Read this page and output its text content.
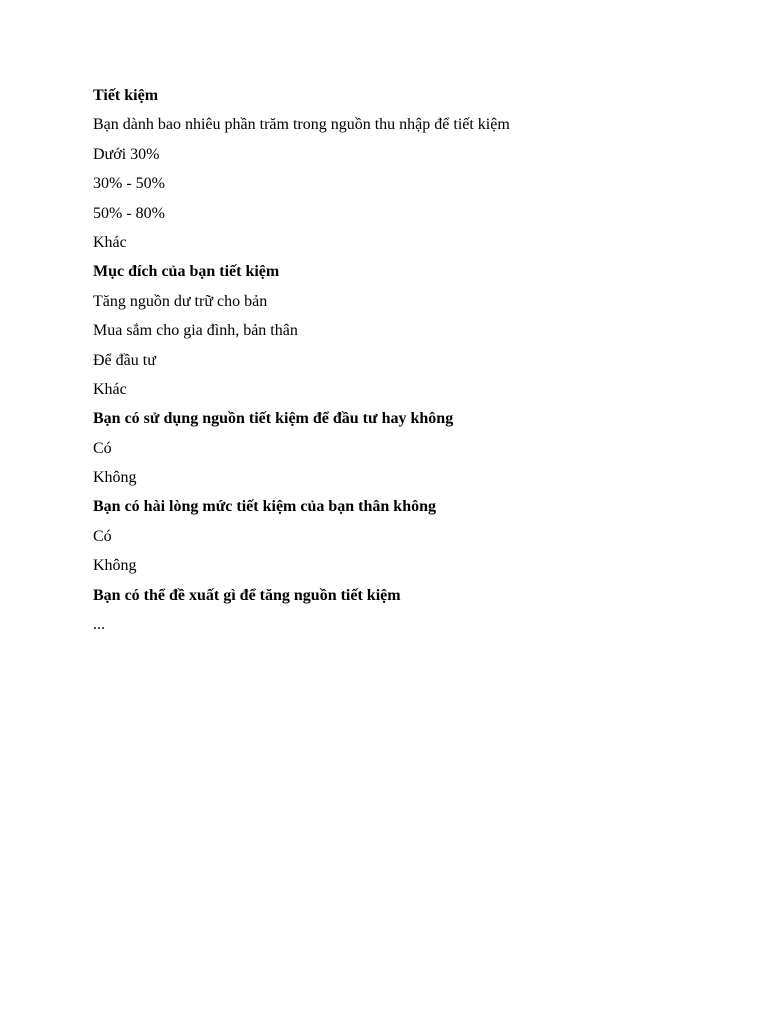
Tiết kiệm
Bạn dành bao nhiêu phần trăm trong nguồn thu nhập để tiết kiệm
Dưới 30%
30% - 50%
50% - 80%
Khác
Mục đích của bạn tiết kiệm
Tăng nguồn dư trữ cho bản
Mua sắm cho gia đình, bản thân
Để đầu tư
Khác
Bạn có sử dụng nguồn tiết kiệm để đầu tư hay không
Có
Không
Bạn có hài lòng mức tiết kiệm của bạn thân không
Có
Không
Bạn có thể đề xuất gì để tăng nguồn tiết kiệm
...
